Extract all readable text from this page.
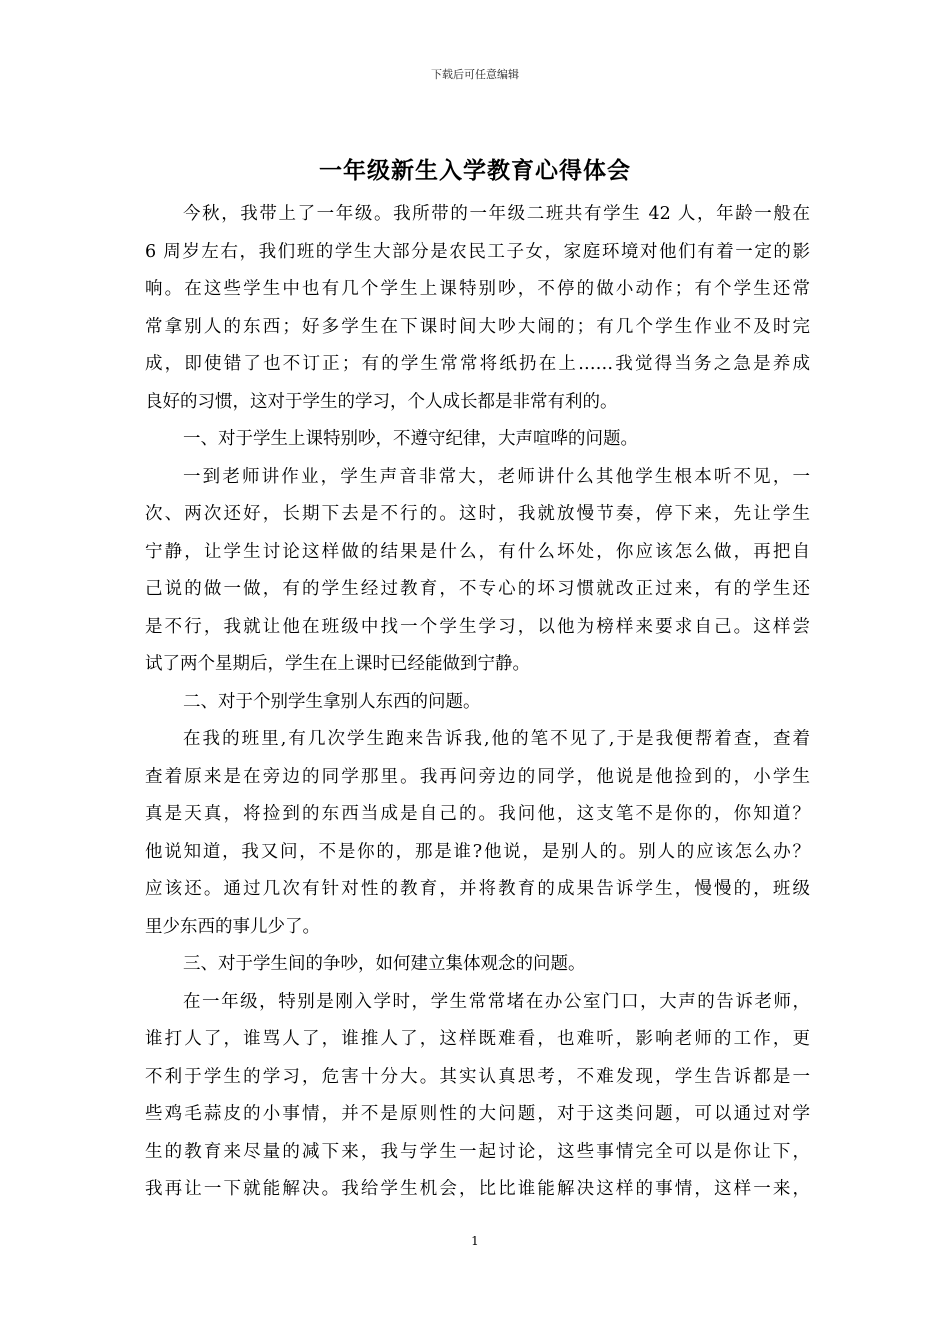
下载后可任意编辑
一年级新生入学教育心得体会
今秋，我带上了一年级。我所带的一年级二班共有学生 42 人，年龄一般在
6 周岁左右，我们班的学生大部分是农民工子女，家庭环境对他们有着一定的影
响。在这些学生中也有几个学生上课特别吵，不停的做小动作；有个学生还常
常拿别人的东西；好多学生在下课时间大吵大闹的；有几个学生作业不及时完
成，即使错了也不订正；有的学生常常将纸扔在上……我觉得当务之急是养成
良好的习惯，这对于学生的学习，个人成长都是非常有利的。
一、对于学生上课特别吵，不遵守纪律，大声喧哗的问题。
一到老师讲作业，学生声音非常大，老师讲什么其他学生根本听不见，一
次、两次还好，长期下去是不行的。这时，我就放慢节奏，停下来，先让学生
宁静，让学生讨论这样做的结果是什么，有什么坏处，你应该怎么做，再把自
己说的做一做，有的学生经过教育，不专心的坏习惯就改正过来，有的学生还
是不行，我就让他在班级中找一个学生学习，以他为榜样来要求自己。这样尝
试了两个星期后，学生在上课时已经能做到宁静。
二、对于个别学生拿别人东西的问题。
在我的班里,有几次学生跑来告诉我,他的笔不见了,于是我便帮着查，查着
查着原来是在旁边的同学那里。我再问旁边的同学，他说是他捡到的，小学生
真是天真，将捡到的东西当成是自己的。我问他，这支笔不是你的，你知道？
他说知道，我又问，不是你的，那是谁?他说，是别人的。别人的应该怎么办？
应该还。通过几次有针对性的教育，并将教育的成果告诉学生，慢慢的，班级
里少东西的事儿少了。
三、对于学生间的争吵，如何建立集体观念的问题。
在一年级，特别是刚入学时，学生常常堵在办公室门口，大声的告诉老师，
谁打人了，谁骂人了，谁推人了，这样既难看，也难听，影响老师的工作，更
不利于学生的学习，危害十分大。其实认真思考，不难发现，学生告诉都是一
些鸡毛蒜皮的小事情，并不是原则性的大问题，对于这类问题，可以通过对学
生的教育来尽量的减下来，我与学生一起讨论，这些事情完全可以是你让下，
我再让一下就能解决。我给学生机会，比比谁能解决这样的事情，这样一来，
1
